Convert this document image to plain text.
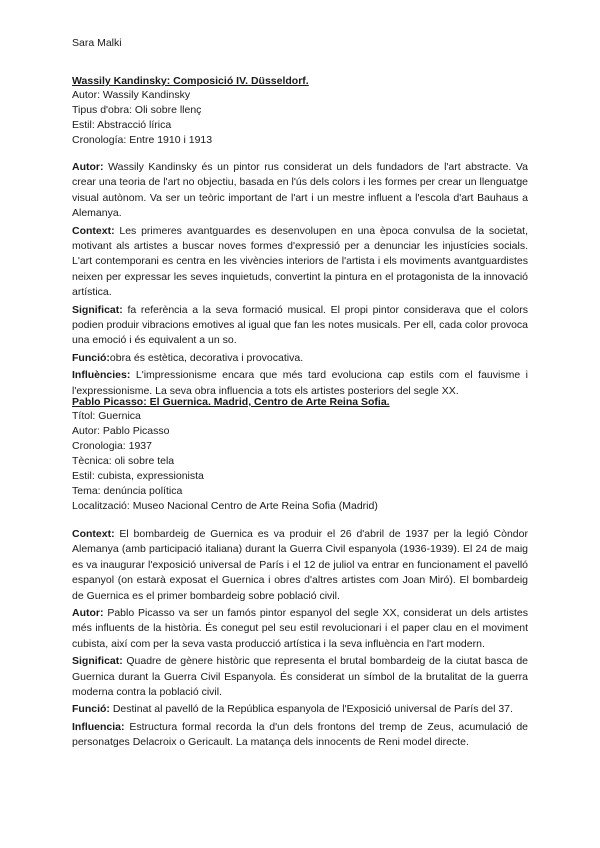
Sara Malki
Wassily Kandinsky: Composició IV. Düsseldorf.
Autor: Wassily Kandinsky
Tipus d'obra: Oli sobre llenç
Estil: Abstracció lírica
Cronología: Entre 1910 i 1913

Autor: Wassily Kandinsky és un pintor rus considerat un dels fundadors de l'art abstracte. Va crear una teoria de l'art no objectiu, basada en l'ús dels colors i les formes per crear un llenguatge visual autònom. Va ser un teòric important de l'art i un mestre influent a l'escola d'art Bauhaus a Alemanya.

Context: Les primeres avantguardes es desenvolupen en una època convulsa de la societat, motivant als artistes a buscar noves formes d'expressió per a denunciar les injustícies socials. L'art contemporani es centra en les vivències interiors de l'artista i els moviments avantguardistes neixen per expressar les seves inquietuds, convertint la pintura en el protagonista de la innovació artística.

Significat: fa referència a la seva formació musical. El propi pintor considerava que el colors podien produir vibracions emotives al igual que fan les notes musicals. Per ell, cada color provoca una emoció i és equivalent a un so.

Funció:obra és estètica, decorativa i provocativa.

Influències: L'impressionisme encara que més tard evoluciona cap estils com el fauvisme i l'expressionisme. La seva obra influencia a tots els artistes posteriors del segle XX.

Pablo Picasso: El Guernica. Madrid, Centro de Arte Reina Sofia.
Títol: Guernica
Autor: Pablo Picasso
Cronologia: 1937
Tècnica: oli sobre tela
Estil: cubista, expressionista
Tema: denúncia política
Localització: Museo Nacional Centro de Arte Reina Sofia (Madrid)

Context: El bombardeig de Guernica es va produir el 26 d'abril de 1937 per la legió Còndor Alemanya (amb participació italiana) durant la Guerra Civil espanyola (1936-1939). El 24 de maig es va inaugurar l'exposició universal de París i el 12 de juliol va entrar en funcionament el pavelló espanyol (on estarà exposat el Guernica i obres d'altres artistes com Joan Miró). El bombardeig de Guernica es el primer bombardeig sobre població civil.

Autor: Pablo Picasso va ser un famós pintor espanyol del segle XX, considerat un dels artistes més influents de la història. És conegut pel seu estil revolucionari i el paper clau en el moviment cubista, així com per la seva vasta producció artística i la seva influència en l'art modern.

Significat: Quadre de gènere històric que representa el brutal bombardeig de la ciutat basca de Guernica durant la Guerra Civil Espanyola. És considerat un símbol de la brutalitat de la guerra moderna contra la població civil.

Funció: Destinat al pavelló de la República espanyola de l'Exposició universal de París del 37.

Influencia: Estructura formal recorda la d'un dels frontons del tremp de Zeus, acumulació de personatges Delacroix o Gericault. La matança dels innocents de Reni model directe.
